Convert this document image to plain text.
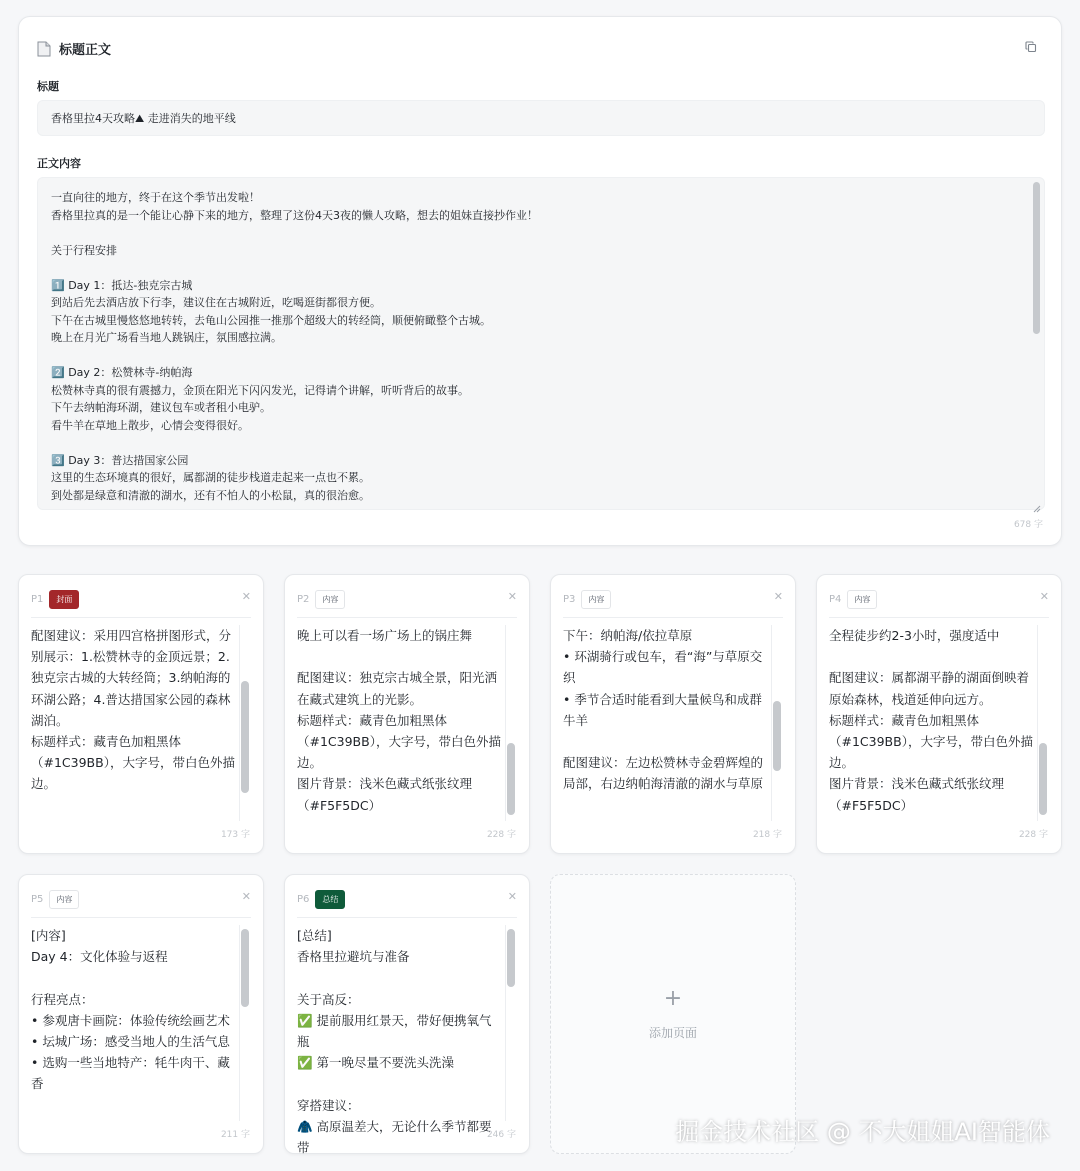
标题正文
标题
香格里拉4天攻略⛰ 走进消失的地平线
正文内容
一直向往的地方，终于在这个季节出发啦！
香格里拉真的是一个能让心静下来的地方，整理了这份4天3夜的懒人攻略，想去的姐妹直接抄作业！

关于行程安排

1️⃣ Day 1：抵达-独克宗古城
到站后先去酒店放下行李，建议住在古城附近，吃喝逛街都很方便。
下午在古城里慢悠悠地转转，去龟山公园推一推那个超级大的转经筒，顺便俯瞰整个古城。
晚上在月光广场看当地人跳锅庄，氛围感拉满。

2️⃣ Day 2：松赞林寺-纳帕海
松赞林寺真的很有震撼力，金顶在阳光下闪闪发光，记得请个讲解，听听背后的故事。
下午去纳帕海环湖，建议包车或者租小电驴。
看牛羊在草地上散步，心情会变得很好。

3️⃣ Day 3：普达措国家公园
这里的生态环境真的很好，属都湖的徒步栈道走起来一点也不累。
到处都是绿意和清澈的湖水，还有不怕人的小松鼠，真的很治愈。
678 字
P1	封面	✕
配图建议：采用四宫格拼图形式，分别展示：1.松赞林寺的金顶远景；2.独克宗古城的大转经筒；3.纳帕海的环湖公路；4.普达措国家公园的森林湖泊。
标题样式：藏青色加粗黑体（#1C39BB），大字号，带白色外描边。
173 字
P2	内容	✕
晚上可以看一场广场上的锅庄舞

配图建议：独克宗古城全景，阳光洒在藏式建筑上的光影。
标题样式：藏青色加粗黑体（#1C39BB），大字号，带白色外描边。
图片背景：浅米色藏式纸张纹理（#F5F5DC）
228 字
P3	内容	✕
下午：纳帕海/依拉草原
• 环湖骑行或包车，看“海”与草原交织
• 季节合适时能看到大量候鸟和成群牛羊

配图建议：左边松赞林寺金碧辉煌的局部，右边纳帕海清澈的湖水与草原
218 字
P4	内容	✕
全程徒步约2-3小时，强度适中

配图建议：属都湖平静的湖面倒映着原始森林，栈道延伸向远方。
标题样式：藏青色加粗黑体（#1C39BB），大字号，带白色外描边。
图片背景：浅米色藏式纸张纹理（#F5F5DC）
228 字
P5	内容	✕
[内容]
Day 4：文化体验与返程

行程亮点：
• 参观唐卡画院：体验传统绘画艺术
• 坛城广场：感受当地人的生活气息
• 选购一些当地特产：牦牛肉干、藏香
211 字
P6	总结	✕
[总结]
香格里拉避坑与准备

关于高反：
✅ 提前服用红景天，带好便携氧气瓶
✅ 第一晚尽量不要洗头洗澡

穿搭建议：
🧥 高原温差大，无论什么季节都要带
246 字
+
添加页面
掘金技术社区 @ 不大姐姐AI智能体
